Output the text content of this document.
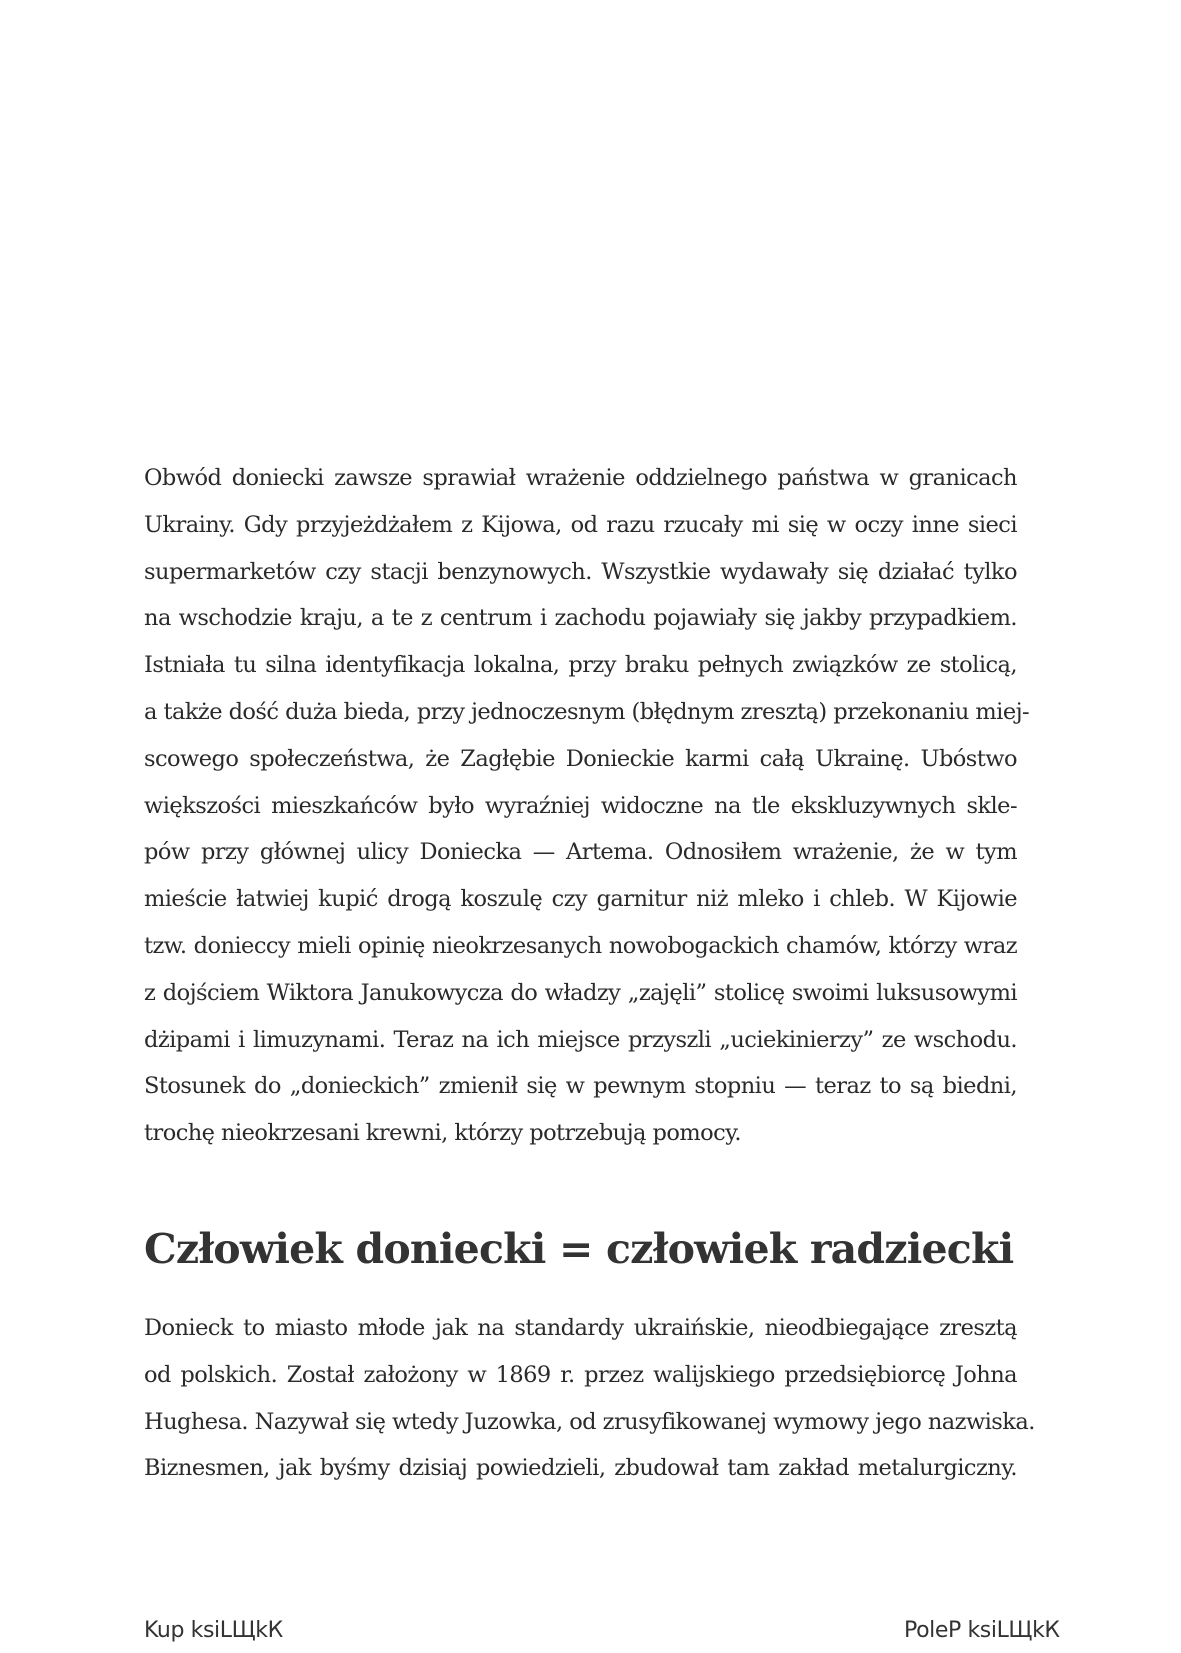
Obwód doniecki zawsze sprawiał wrażenie oddzielnego państwa w granicach

Ukrainy. Gdy przyjeżdżałem z Kijowa, od razu rzucały mi się w oczy inne sieci

supermarketów czy stacji benzynowych. Wszystkie wydawały się działać tylko

na wschodzie kraju, a te z centrum i zachodu pojawiały się jakby przypadkiem.

Istniała tu silna identyfikacja lokalna, przy braku pełnych związków ze stolicą,

a także dość duża bieda, przy jednoczesnym (błędnym zresztą) przekonaniu miej-

scowego społeczeństwa, że Zagłębie Donieckie karmi całą Ukrainę. Ubóstwo

większości mieszkańców było wyraźniej widoczne na tle ekskluzywnych skle-

pów przy głównej ulicy Doniecka — Artema. Odnosiłem wrażenie, że w tym

mieście łatwiej kupić drogą koszulę czy garnitur niż mleko i chleb. W Kijowie

tzw. donieccy mieli opinię nieokrzesanych nowobogackich chamów, którzy wraz

z dojściem Wiktora Janukowycza do władzy „zajęli” stolicę swoimi luksusowymi

dżipami i limuzynami. Teraz na ich miejsce przyszli „uciekinierzy” ze wschodu.

Stosunek do „donieckich” zmienił się w pewnym stopniu — teraz to są biedni,

trochę nieokrzesani krewni, którzy potrzebują pomocy.

Człowiek doniecki = człowiek radziecki

Donieck to miasto młode jak na standardy ukraińskie, nieodbiegające zresztą

od polskich. Został założony w 1869 r. przez walijskiego przedsiębiorcę Johna

Hughesa. Nazywał się wtedy Juzowka, od zrusyfikowanej wymowy jego nazwiska.

Biznesmen, jak byśmy dzisiaj powiedzieli, zbudował tam zakład metalurgiczny.

Kup ksiLЩkК	PoleP ksiLЩkК
